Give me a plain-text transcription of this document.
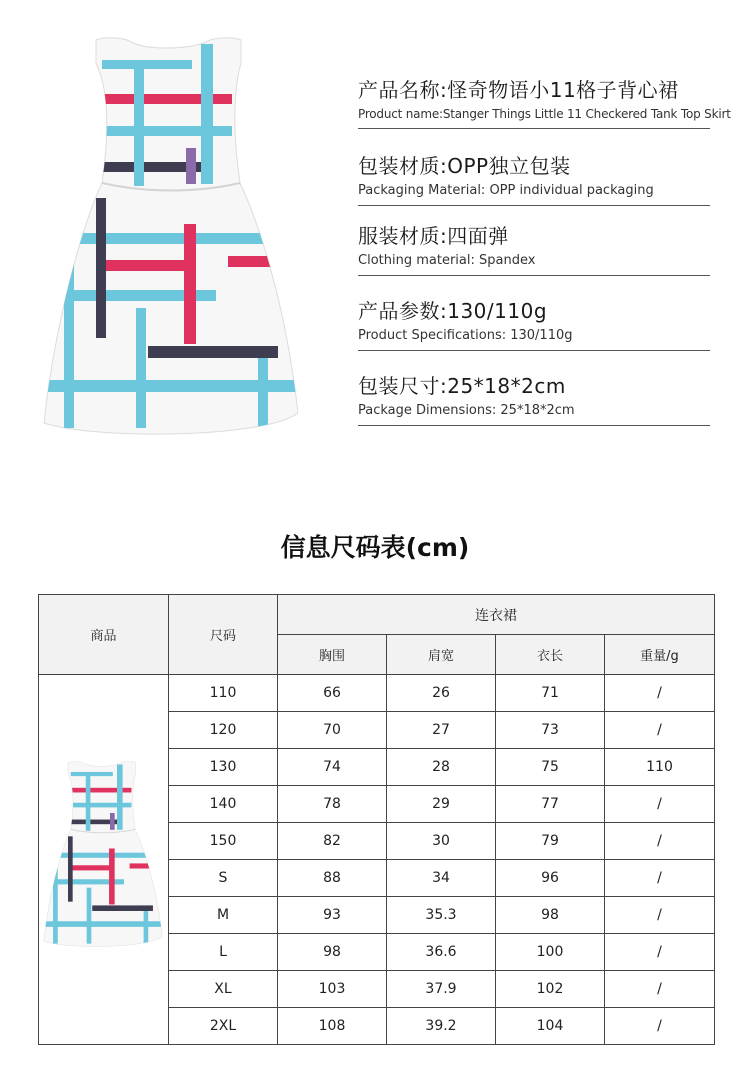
产品名称:怪奇物语小11格子背心裙
Product name:Stanger Things Little 11 Checkered Tank Top Skirt
包装材质:OPP独立包装
Packaging Material: OPP individual packaging
服装材质:四面弹
Clothing material: Spandex
产品参数:130/110g
Product Specifications: 130/110g
包装尺寸:25*18*2cm
Package Dimensions: 25*18*2cm
信息尺码表(cm)
商品	尺码	连衣裙			
		胸围	肩宽	衣长	重量/g
	110	66	26	71	/
	120	70	27	73	/
	130	74	28	75	110
	140	78	29	77	/
	150	82	30	79	/
	S	88	34	96	/
	M	93	35.3	98	/
	L	98	36.6	100	/
	XL	103	37.9	102	/
	2XL	108	39.2	104	/
